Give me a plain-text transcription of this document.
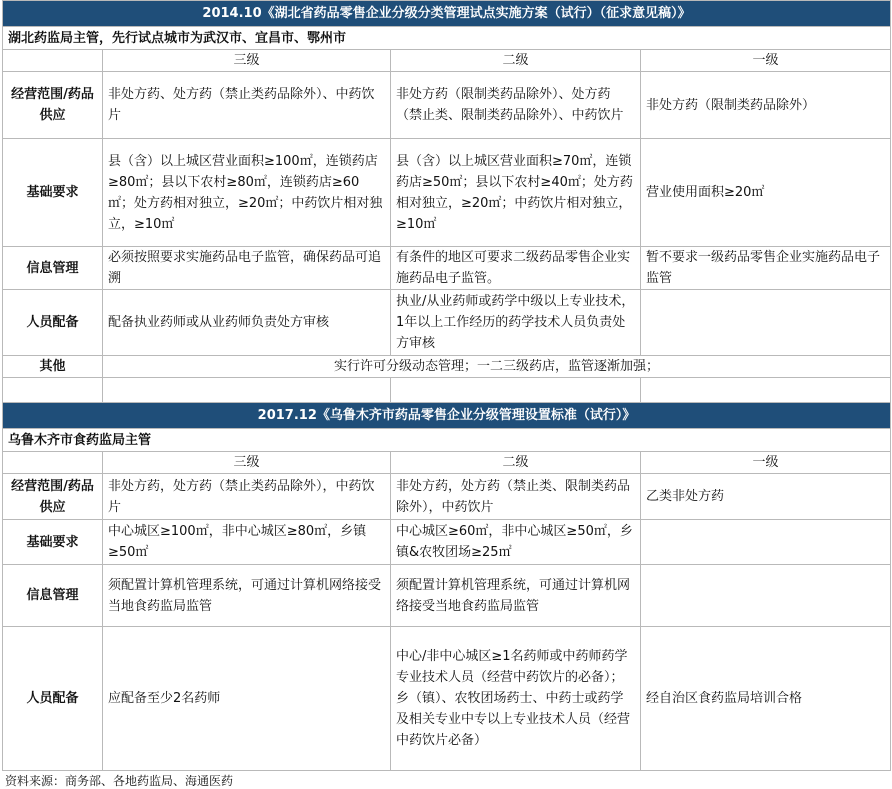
2014.10《湖北省药品零售企业分级分类管理试点实施方案（试行）（征求意见稿）》			
湖北药监局主管，先行试点城市为武汉市、宜昌市、鄂州市			
	三级	二级	一级
经营范围/药品供应	非处方药、处方药（禁止类药品除外）、中药饮片	非处方药（限制类药品除外）、处方药（禁止类、限制类药品除外）、中药饮片	非处方药（限制类药品除外）
基础要求	县（含）以上城区营业面积≥100㎡，连锁药店≥80㎡；县以下农村≥80㎡，连锁药店≥60㎡；处方药相对独立，≥20㎡；中药饮片相对独立，≥10㎡	县（含）以上城区营业面积≥70㎡，连锁药店≥50㎡；县以下农村≥40㎡；处方药相对独立，≥20㎡；中药饮片相对独立，≥10㎡	营业使用面积≥20㎡
信息管理	必须按照要求实施药品电子监管，确保药品可追溯	有条件的地区可要求二级药品零售企业实施药品电子监管。	暂不要求一级药品零售企业实施药品电子监管
人员配备	配备执业药师或从业药师负责处方审核	执业/从业药师或药学中级以上专业技术，1年以上工作经历的药学技术人员负责处方审核	
其他	实行许可分级动态管理；一二三级药店，监管逐渐加强；		

2017.12《乌鲁木齐市药品零售企业分级管理设置标准（试行）》			
乌鲁木齐市食药监局主管			
	三级	二级	一级
经营范围/药品供应	非处方药，处方药（禁止类药品除外），中药饮片	非处方药，处方药（禁止类、限制类药品除外），中药饮片	乙类非处方药
基础要求	中心城区≥100㎡，非中心城区≥80㎡，乡镇≥50㎡	中心城区≥60㎡，非中心城区≥50㎡，乡镇&农牧团场≥25㎡	
信息管理	须配置计算机管理系统，可通过计算机网络接受当地食药监局监管	须配置计算机管理系统，可通过计算机网络接受当地食药监局监管	
人员配备	应配备至少2名药师	中心/非中心城区≥1名药师或中药师药学专业技术人员（经营中药饮片的必备）；乡（镇）、农牧团场药士、中药士或药学及相关专业中专以上专业技术人员（经营中药饮片必备）	经自治区食药监局培训合格
资料来源：商务部、各地药监局、海通医药
